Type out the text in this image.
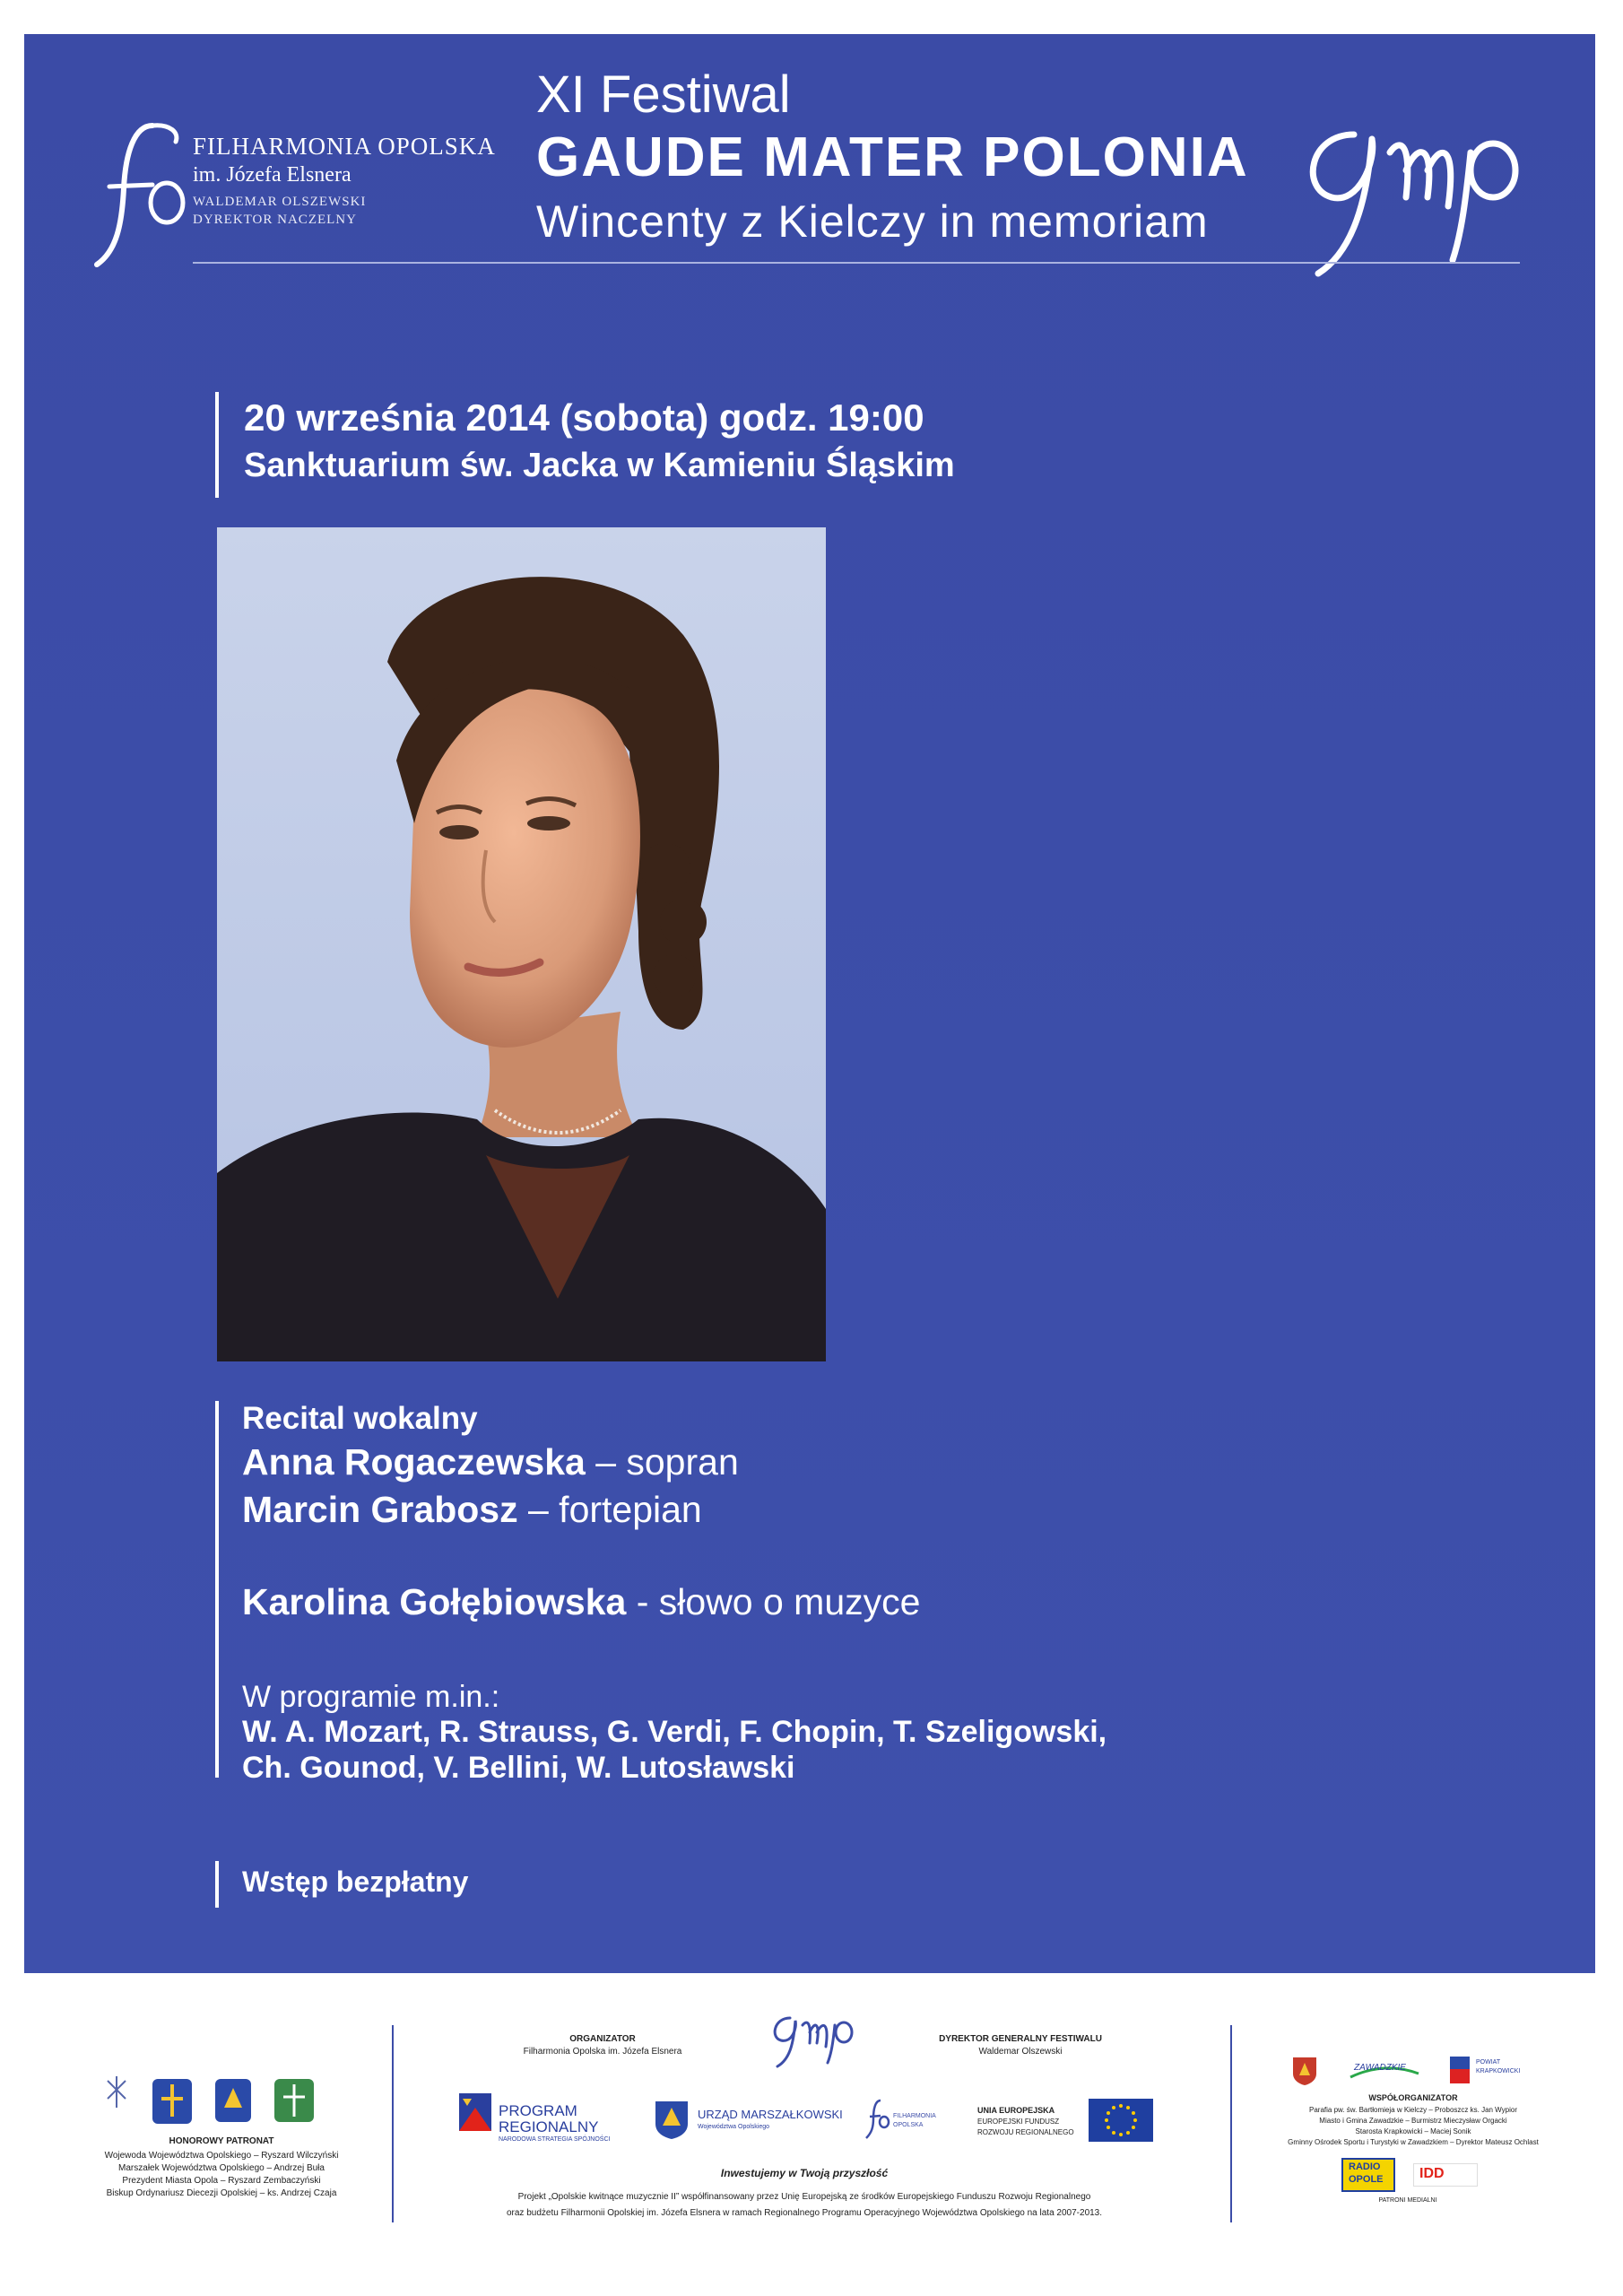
FILHARMONIA OPOLSKA
im. Józefa Elsnera
WALDEMAR OLSZEWSKI
DYREKTOR NACZELNY
XI Festiwal
GAUDE MATER POLONIA
Wincenty z Kielczy in memoriam
20 września 2014 (sobota) godz. 19:00
Sanktuarium św. Jacka w Kamieniu Śląskim
Recital wokalny
Anna Rogaczewska – sopran
Marcin Grabosz – fortepian
Karolina Gołębiowska - słowo o muzyce
W programie m.in.:
W. A. Mozart, R. Strauss, G. Verdi, F. Chopin, T. Szeligowski,
Ch. Gounod, V. Bellini, W. Lutosławski
Wstęp bezpłatny
HONOROWY PATRONAT
Wojewoda Województwa Opolskiego – Ryszard Wilczyński
Marszałek Województwa Opolskiego – Andrzej Buła
Prezydent Miasta Opola – Ryszard Zembaczyński
Biskup Ordynariusz Diecezji Opolskiej – ks. Andrzej Czaja
ORGANIZATOR
Filharmonia Opolska im. Józefa Elsnera
DYREKTOR GENERALNY FESTIWALU
Waldemar Olszewski
PROGRAM
REGIONALNY
NARODOWA STRATEGIA SPÓJNOŚCI
URZĄD MARSZAŁKOWSKI
Województwa Opolskiego
FILHARMONIA
OPOLSKA
UNIA EUROPEJSKA
EUROPEJSKI FUNDUSZ
ROZWOJU REGIONALNEGO
Inwestujemy w Twoją przyszłość
Projekt „Opolskie kwitnące muzycznie II” współfinansowany przez Unię Europejską ze środków Europejskiego Funduszu Rozwoju Regionalnego
oraz budżetu Filharmonii Opolskiej im. Józefa Elsnera w ramach Regionalnego Programu Operacyjnego Województwa Opolskiego na lata 2007-2013.
ZAWADZKIE
POWIAT
KRAPKOWICKI
WSPÓŁORGANIZATOR
Parafia pw. św. Bartłomieja w Kielczy – Proboszcz ks. Jan Wypior
Miasto i Gmina Zawadzkie – Burmistrz Mieczysław Orgacki
Starosta Krapkowicki – Maciej Sonik
Gminny Ośrodek Sportu i Turystyki w Zawadzkiem – Dyrektor Mateusz Ochlast
RADIO
OPOLE	IDD
PATRONI MEDIALNI
